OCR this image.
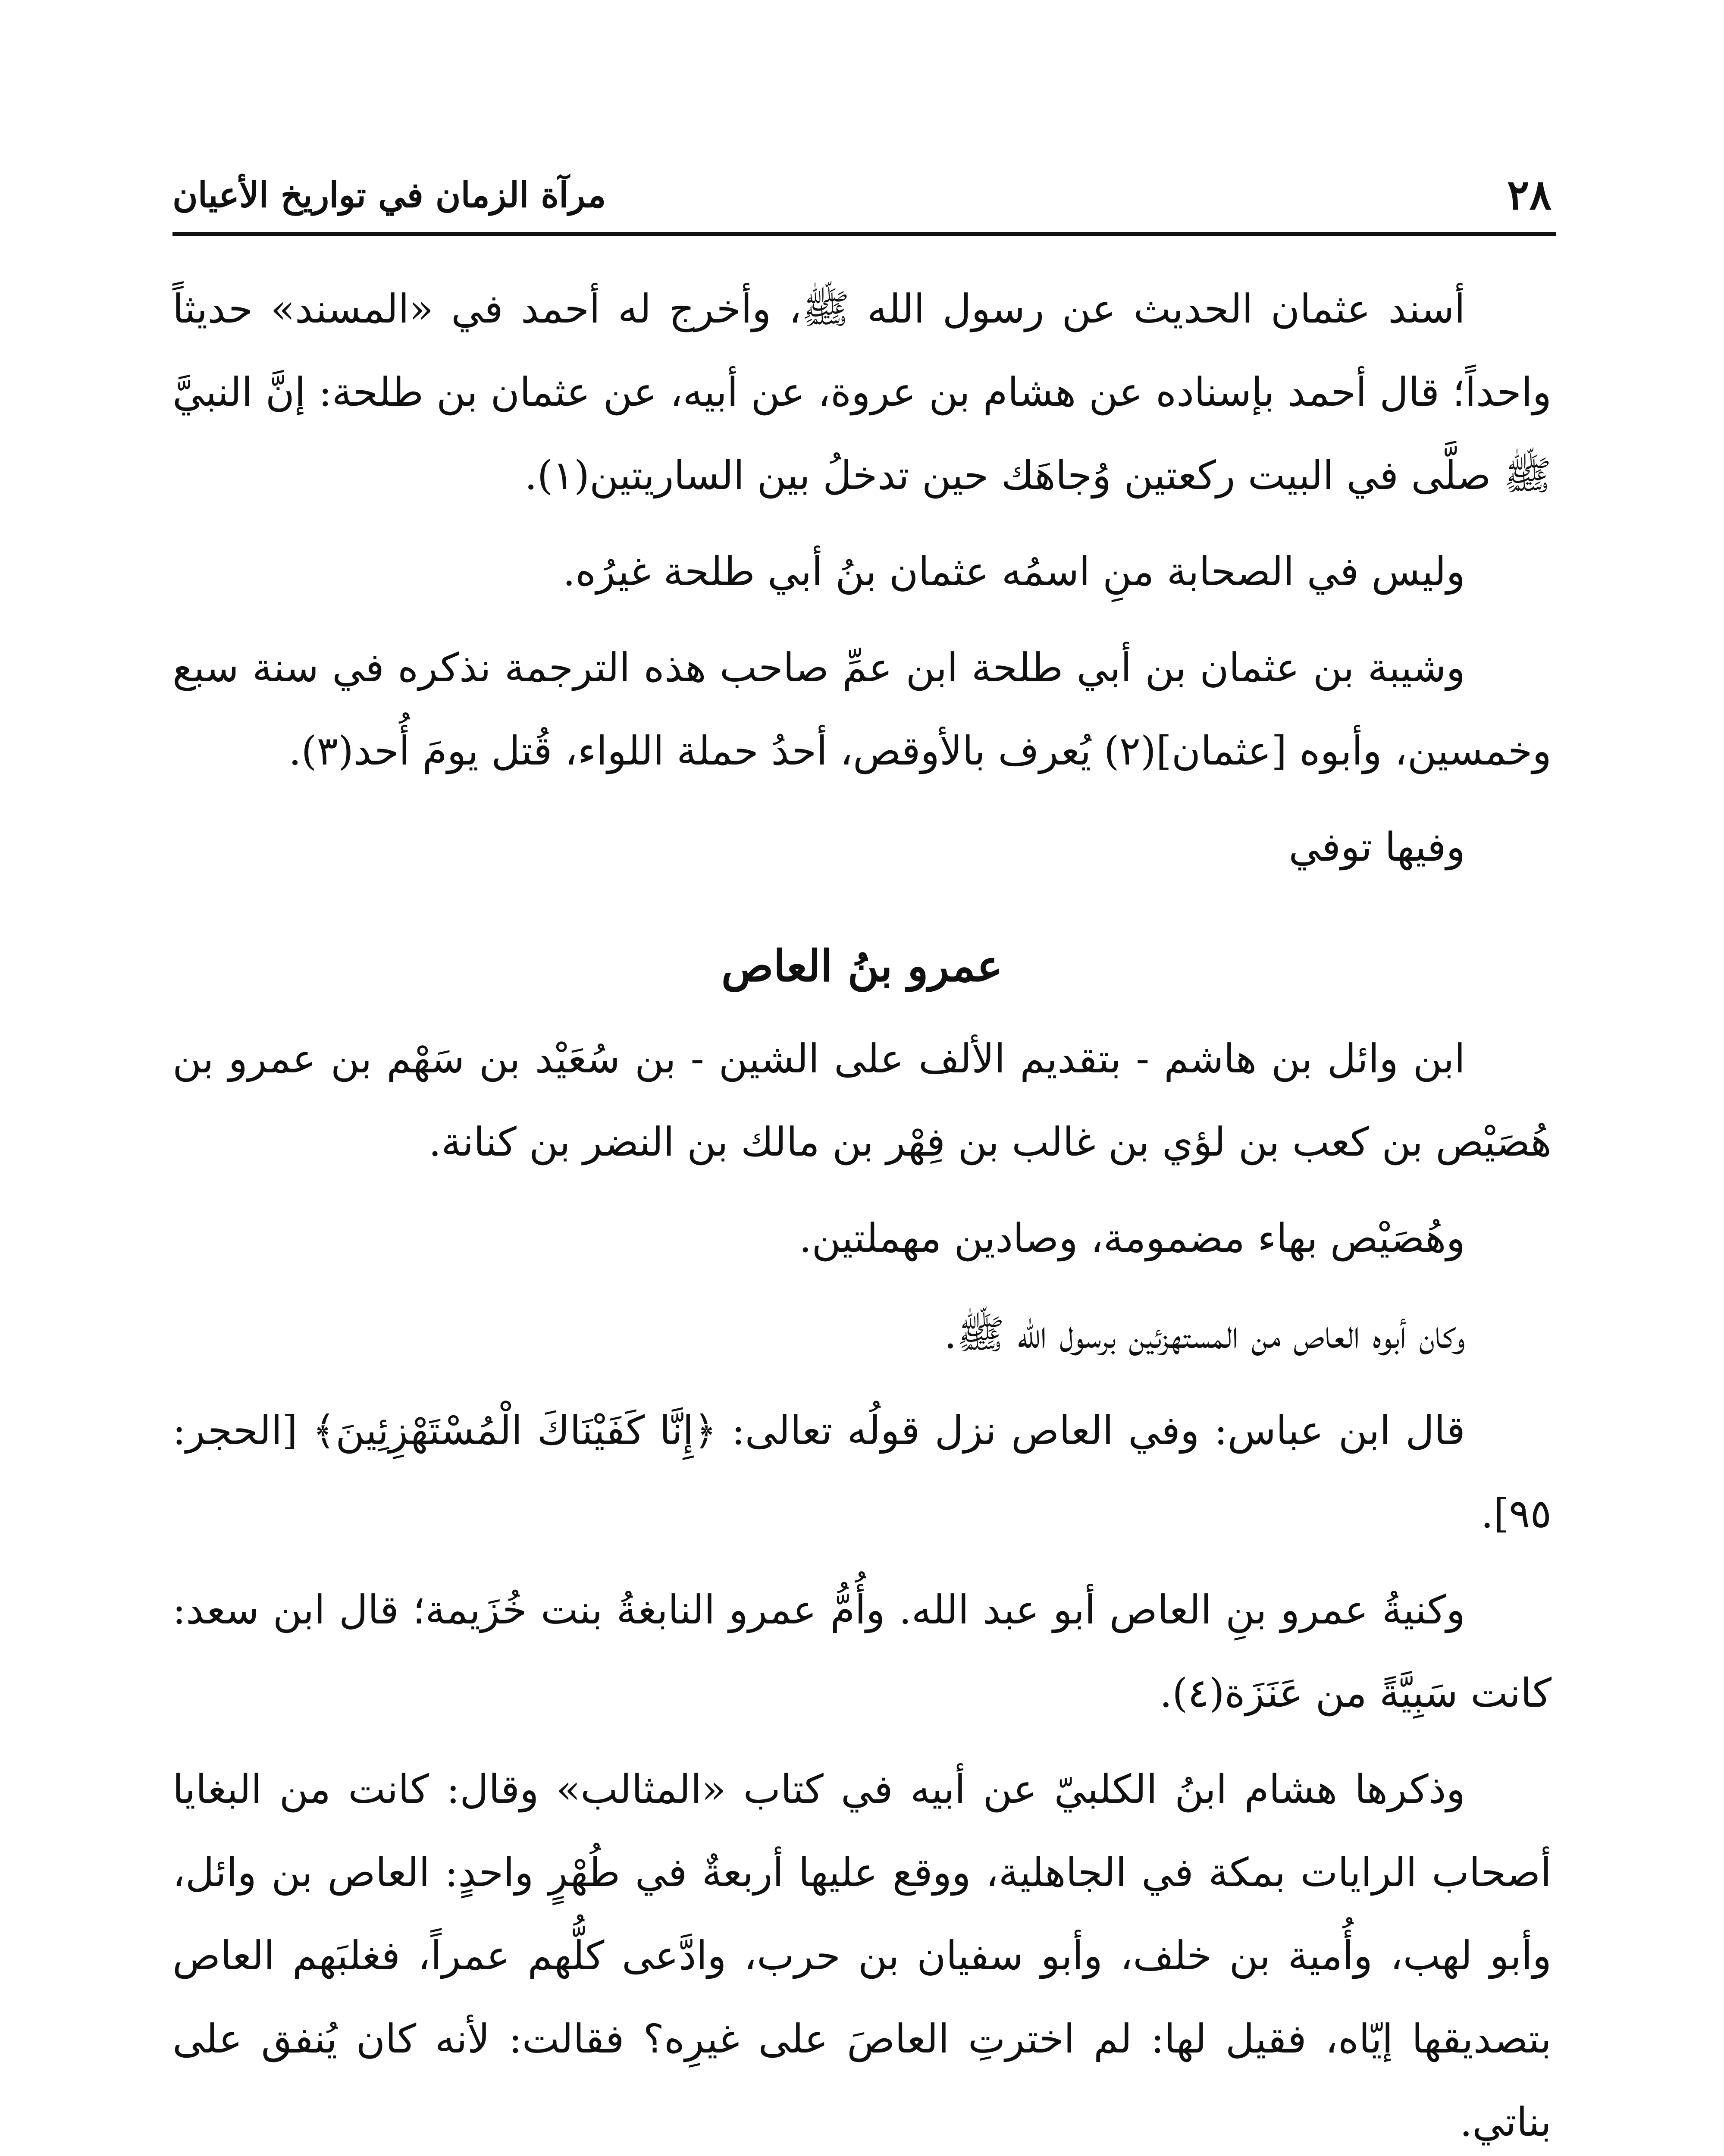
٢٨
مرآة الزمان في تواريخ الأعيان

أسند عثمان الحديث عن رسول الله ﷺ، وأخرج له أحمد في «المسند» حديثاً واحداً؛ قال أحمد بإسناده عن هشام بن عروة، عن أبيه، عن عثمان بن طلحة: إنَّ النبيَّ ﷺ صلَّى في البيت ركعتين وُجاهَك حين تدخلُ بين الساريتين(١).

وليس في الصحابة منِ اسمُه عثمان بنُ أبي طلحة غيرُه.

وشيبة بن عثمان بن أبي طلحة ابن عمِّ صاحب هذه الترجمة نذكره في سنة سبع وخمسين، وأبوه [عثمان](٢) يُعرف بالأوقص، أحدُ حملة اللواء، قُتل يومَ أُحد(٣).

وفيها توفي

عمرو بنُ العاص

ابن وائل بن هاشم - بتقديم الألف على الشين - بن سُعَيْد بن سَهْم بن عمرو بن هُصَيْص بن كعب بن لؤي بن غالب بن فِهْر بن مالك بن النضر بن كنانة.

وهُصَيْص بهاء مضمومة، وصادين مهملتين.

وكان أبوه العاص من المستهزئين برسول الله ﷺ.

قال ابن عباس: وفي العاص نزل قولُه تعالى: ﴿إِنَّا كَفَيْنَاكَ الْمُسْتَهْزِئِينَ﴾ [الحجر: ٩٥].

وكنيةُ عمرو بنِ العاص أبو عبد الله. وأُمُّ عمرو النابغةُ بنت خُزَيمة؛ قال ابن سعد: كانت سَبِيَّةً من عَنَزَة(٤).

وذكرها هشام ابنُ الكلبيّ عن أبيه في كتاب «المثالب» وقال: كانت من البغايا أصحاب الرايات بمكة في الجاهلية، ووقع عليها أربعةٌ في طُهْرٍ واحدٍ: العاص بن وائل، وأبو لهب، وأُمية بن خلف، وأبو سفيان بن حرب، وادَّعى كلُّهم عمراً، فغلبَهم العاص بتصديقها إيّاه، فقيل لها: لم اخترتِ العاصَ على غيرِه؟ فقالت: لأنه كان يُنفق على بناتي.
